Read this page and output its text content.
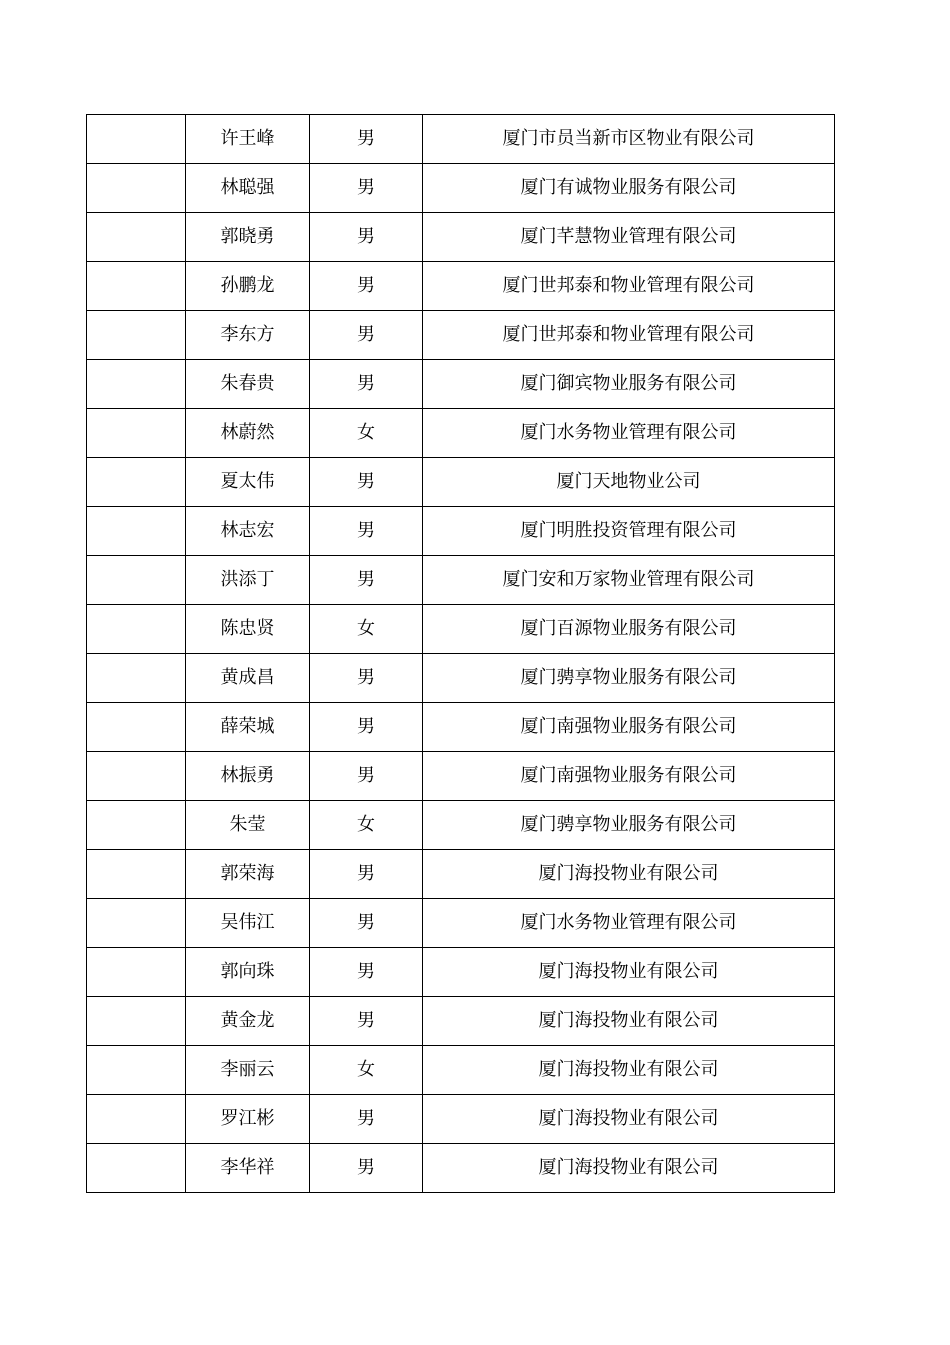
	许王峰	男	厦门市员当新市区物业有限公司
	林聪强	男	厦门有诚物业服务有限公司
	郭晓勇	男	厦门芊慧物业管理有限公司
	孙鹏龙	男	厦门世邦泰和物业管理有限公司
	李东方	男	厦门世邦泰和物业管理有限公司
	朱春贵	男	厦门御宾物业服务有限公司
	林蔚然	女	厦门水务物业管理有限公司
	夏太伟	男	厦门天地物业公司
	林志宏	男	厦门明胜投资管理有限公司
	洪添丁	男	厦门安和万家物业管理有限公司
	陈忠贤	女	厦门百源物业服务有限公司
	黄成昌	男	厦门骋享物业服务有限公司
	薛荣城	男	厦门南强物业服务有限公司
	林振勇	男	厦门南强物业服务有限公司
	朱莹	女	厦门骋享物业服务有限公司
	郭荣海	男	厦门海投物业有限公司
	吴伟江	男	厦门水务物业管理有限公司
	郭向珠	男	厦门海投物业有限公司
	黄金龙	男	厦门海投物业有限公司
	李丽云	女	厦门海投物业有限公司
	罗江彬	男	厦门海投物业有限公司
	李华祥	男	厦门海投物业有限公司
